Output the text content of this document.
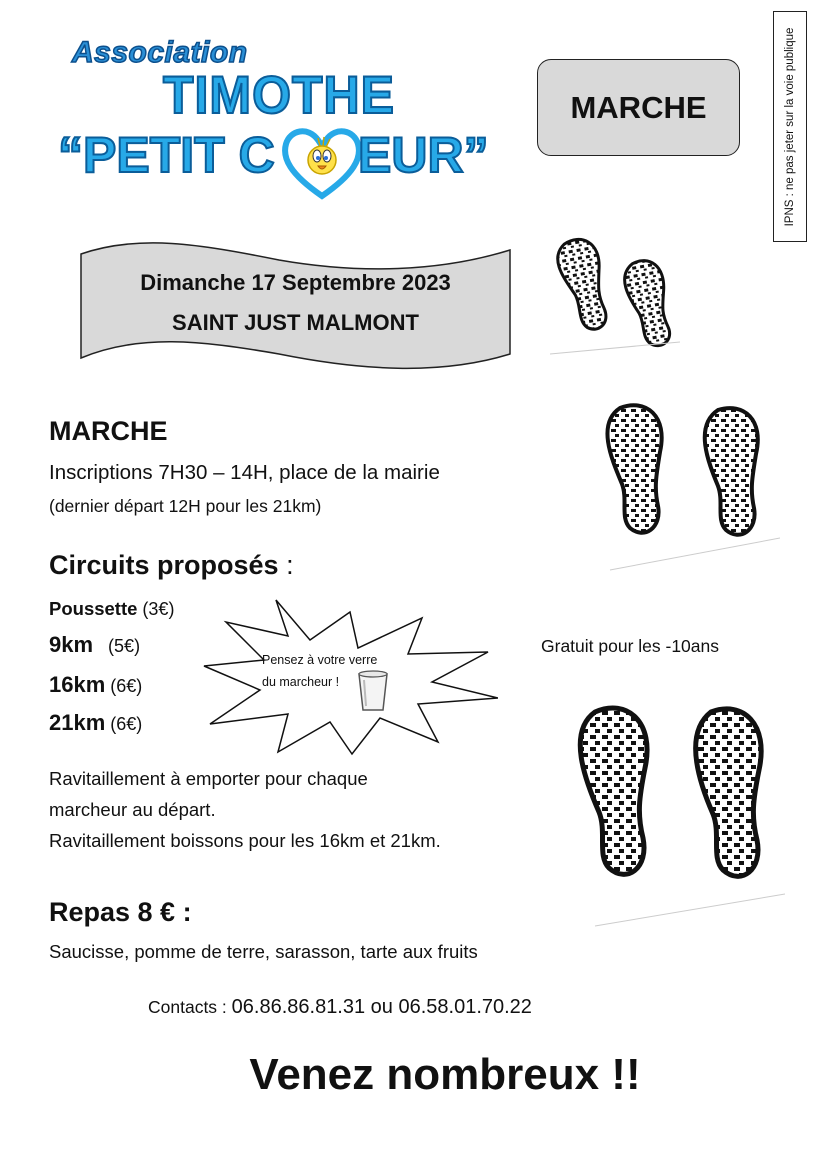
Association
TIMOTHE
“PETIT C EUR”
MARCHE	IPNS : ne pas jeter sur la voie publique
Dimanche 17 Septembre 2023
SAINT JUST MALMONT
MARCHE
Inscriptions 7H30 – 14H, place de la mairie
(dernier départ 12H pour les 21km)
Circuits proposés :
Poussette (3€)
9km   (5€)
16km (6€)
21km (6€)
Gratuit pour les -10ans
Pensez à votre verre
du marcheur !
Ravitaillement à emporter pour chaque
marcheur au départ.
Ravitaillement boissons pour les 16km et 21km.
Repas 8 € :
Saucisse, pomme de terre, sarasson, tarte aux fruits
Contacts : 06.86.86.81.31 ou 06.58.01.70.22
Venez nombreux !!
